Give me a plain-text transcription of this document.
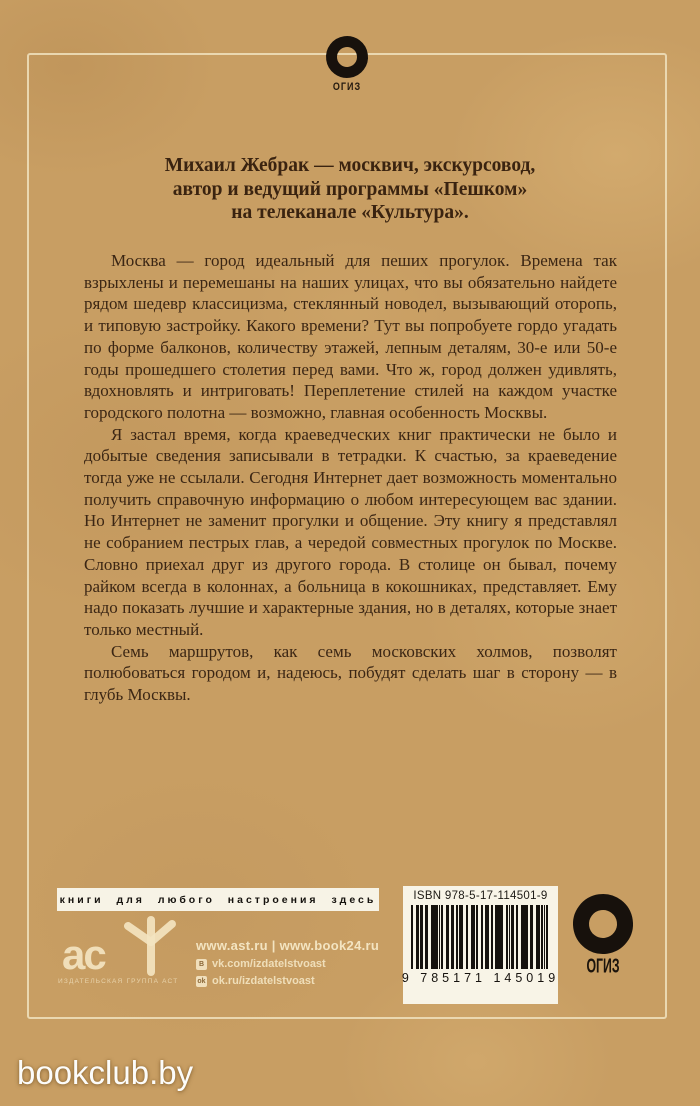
ОГИЗ
Михаил Жебрак — москвич, экскурсовод,
автор и ведущий программы «Пешком»
на телеканале «Культура».

Москва — город идеальный для пеших прогулок. Времена так взрыхлены и перемешаны на наших улицах, что вы обязательно найдете рядом шедевр классицизма, стеклянный новодел, вызывающий оторопь, и типовую застройку. Какого времени? Тут вы попробуете гордо угадать по форме балконов, количеству этажей, лепным деталям, 30-е или 50-е годы прошедшего столетия перед вами. Что ж, город должен удивлять, вдохновлять и интриговать! Переплетение стилей на каждом участке городского полотна — возможно, главная особенность Москвы.

Я застал время, когда краеведческих книг практически не было и добытые сведения записывали в тетрадки. К счастью, за краеведение тогда уже не ссылали. Сегодня Интернет дает возможность моментально получить справочную информацию о любом интересующем вас здании. Но Интернет не заменит прогулки и общение. Эту книгу я представлял не собранием пестрых глав, а чередой совместных прогулок по Москве. Словно приехал друг из другого города. В столице он бывал, почему райком всегда в колоннах, а больница в кокошниках, представляет. Ему надо показать лучшие и характерные здания, но в деталях, которые знает только местный.

Семь маршрутов, как семь московских холмов, позволят полюбоваться городом и, надеюсь, побудят сделать шаг в сторону — в глубь Москвы.

книги для любого настроения здесь	ISBN 978-5-17-114501-9
9 785171 145019
ас
ИЗДАТЕЛЬСКАЯ ГРУППА АСТ
www.ast.ru | www.book24.ru
B vk.com/izdatelstvoast
ok ok.ru/izdatelstvoast
ОГИЗ
bookclub.by
